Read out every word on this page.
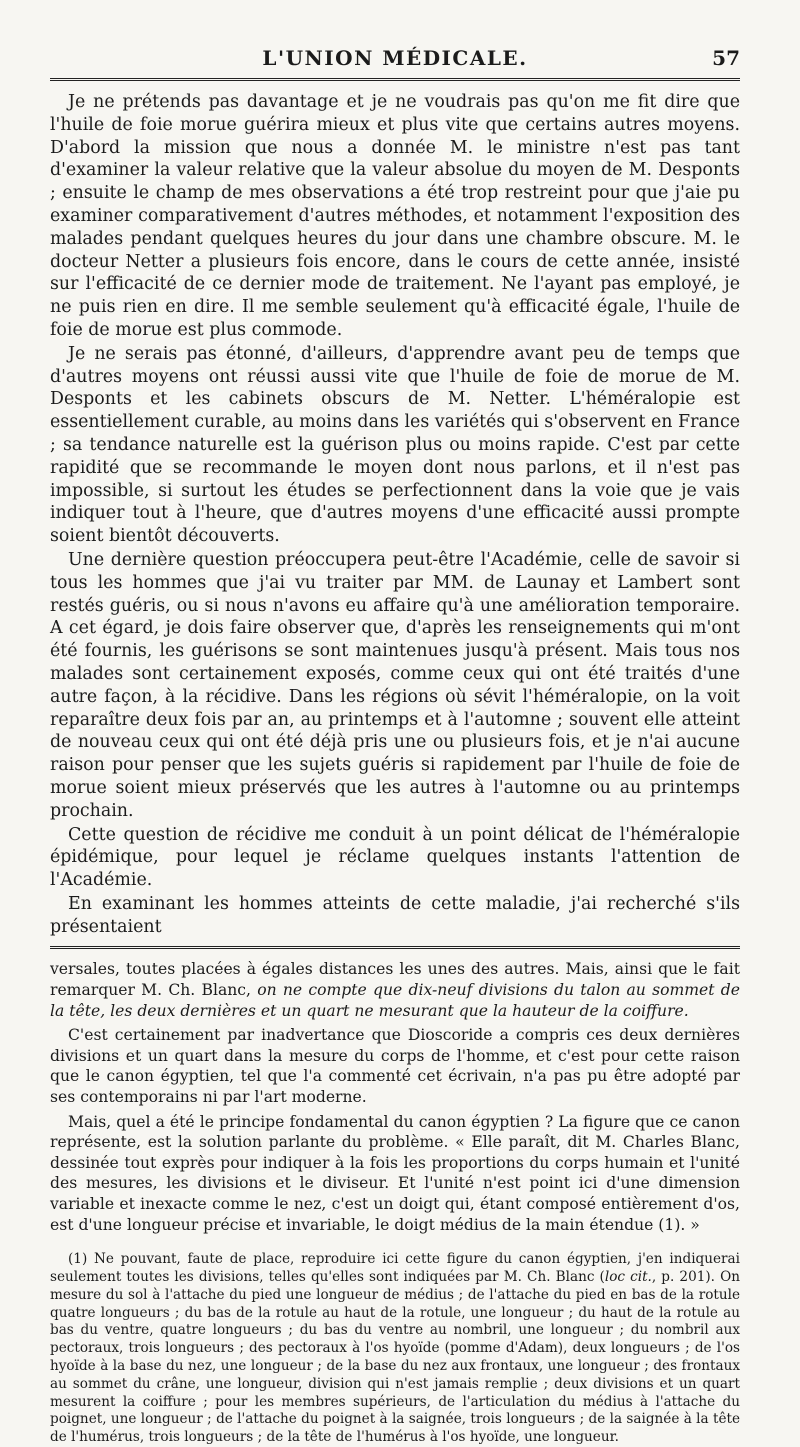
L'UNION MÉDICALE.	57

Je ne prétends pas davantage et je ne voudrais pas qu'on me fit dire que l'huile de foie morue guérira mieux et plus vite que certains autres moyens. D'abord la mission que nous a donnée M. le ministre n'est pas tant d'examiner la valeur relative que la valeur absolue du moyen de M. Desponts ; ensuite le champ de mes observations a été trop restreint pour que j'aie pu examiner comparativement d'autres méthodes, et notamment l'exposition des malades pendant quelques heures du jour dans une chambre obscure. M. le docteur Netter a plusieurs fois encore, dans le cours de cette année, insisté sur l'efficacité de ce dernier mode de traitement. Ne l'ayant pas employé, je ne puis rien en dire. Il me semble seulement qu'à efficacité égale, l'huile de foie de morue est plus commode.

Je ne serais pas étonné, d'ailleurs, d'apprendre avant peu de temps que d'autres moyens ont réussi aussi vite que l'huile de foie de morue de M. Desponts et les cabinets obscurs de M. Netter. L'héméralopie est essentiellement curable, au moins dans les variétés qui s'observent en France ; sa tendance naturelle est la guérison plus ou moins rapide. C'est par cette rapidité que se recommande le moyen dont nous parlons, et il n'est pas impossible, si surtout les études se perfectionnent dans la voie que je vais indiquer tout à l'heure, que d'autres moyens d'une efficacité aussi prompte soient bientôt découverts.

Une dernière question préoccupera peut-être l'Académie, celle de savoir si tous les hommes que j'ai vu traiter par MM. de Launay et Lambert sont restés guéris, ou si nous n'avons eu affaire qu'à une amélioration temporaire. A cet égard, je dois faire observer que, d'après les renseignements qui m'ont été fournis, les guérisons se sont maintenues jusqu'à présent. Mais tous nos malades sont certainement exposés, comme ceux qui ont été traités d'une autre façon, à la récidive. Dans les régions où sévit l'héméralopie, on la voit reparaître deux fois par an, au printemps et à l'automne ; souvent elle atteint de nouveau ceux qui ont été déjà pris une ou plusieurs fois, et je n'ai aucune raison pour penser que les sujets guéris si rapidement par l'huile de foie de morue soient mieux préservés que les autres à l'automne ou au printemps prochain.

Cette question de récidive me conduit à un point délicat de l'héméralopie épidémique, pour lequel je réclame quelques instants l'attention de l'Académie.

En examinant les hommes atteints de cette maladie, j'ai recherché s'ils présentaient

versales, toutes placées à égales distances les unes des autres. Mais, ainsi que le fait remarquer M. Ch. Blanc, on ne compte que dix-neuf divisions du talon au sommet de la tête, les deux dernières et un quart ne mesurant que la hauteur de la coiffure.

C'est certainement par inadvertance que Dioscoride a compris ces deux dernières divisions et un quart dans la mesure du corps de l'homme, et c'est pour cette raison que le canon égyptien, tel que l'a commenté cet écrivain, n'a pas pu être adopté par ses contemporains ni par l'art moderne.

Mais, quel a été le principe fondamental du canon égyptien ? La figure que ce canon représente, est la solution parlante du problème. « Elle paraît, dit M. Charles Blanc, dessinée tout exprès pour indiquer à la fois les proportions du corps humain et l'unité des mesures, les divisions et le diviseur. Et l'unité n'est point ici d'une dimension variable et inexacte comme le nez, c'est un doigt qui, étant composé entièrement d'os, est d'une longueur précise et invariable, le doigt médius de la main étendue (1). »

(1) Ne pouvant, faute de place, reproduire ici cette figure du canon égyptien, j'en indiquerai seulement toutes les divisions, telles qu'elles sont indiquées par M. Ch. Blanc (loc cit., p. 201). On mesure du sol à l'attache du pied une longueur de médius ; de l'attache du pied en bas de la rotule quatre longueurs ; du bas de la rotule au haut de la rotule, une longueur ; du haut de la rotule au bas du ventre, quatre longueurs ; du bas du ventre au nombril, une longueur ; du nombril aux pectoraux, trois longueurs ; des pectoraux à l'os hyoïde (pomme d'Adam), deux longueurs ; de l'os hyoïde à la base du nez, une longueur ; de la base du nez aux frontaux, une longueur ; des frontaux au sommet du crâne, une longueur, division qui n'est jamais remplie ; deux divisions et un quart mesurent la coiffure ; pour les membres supérieurs, de l'articulation du médius à l'attache du poignet, une longueur ; de l'attache du poignet à la saignée, trois longueurs ; de la saignée à la tête de l'humérus, trois longueurs ; de la tête de l'humérus à l'os hyoïde, une longueur.
